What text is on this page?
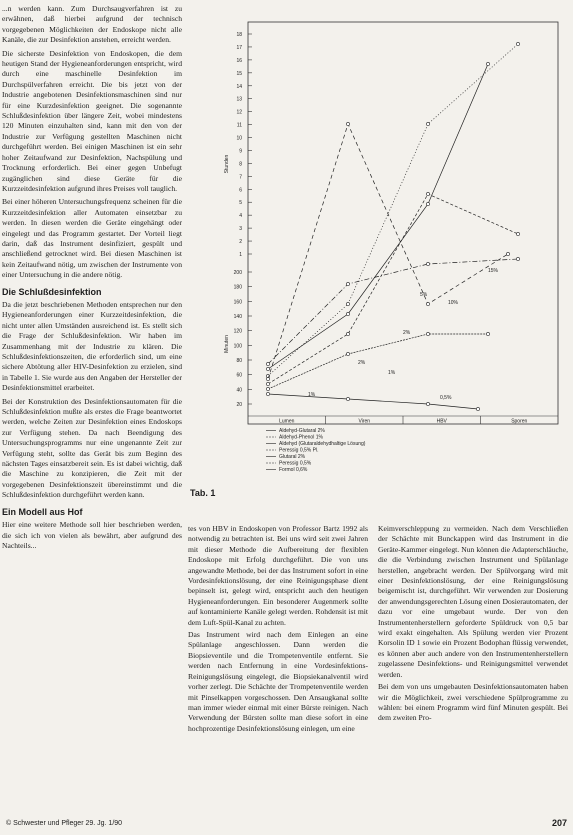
...n werden kann. Zum Durchsaugverfahren ist zu erwähnen, daß hierbei aufgrund der technisch vorgegebenen Möglichkeiten der Endoskope nicht alle Kanäle, die zur Desinfektion anstehen, erreicht werden.

Die sicherste Desinfektion von Endoskopen, die dem heutigen Stand der Hygieneanforderungen entspricht, wird durch eine maschinelle Desinfektion im Durchspülverfahren erreicht. Die bis jetzt von der Industrie angebotenen Desinfektionsmaschinen sind nur für eine Kurzdesinfektion geeignet. Die sogenannte Schlußdesinfektion über längere Zeit, wobei mindestens 120 Minuten einzuhalten sind, kann mit den von der Industrie zur Verfügung gestellten Maschinen nicht durchgeführt werden. Bei einigen Maschinen ist ein sehr hoher Zeitaufwand zur Desinfektion, Nachspülung und Trocknung erforderlich. Bei einer gegen Unbefugt zugänglichen sind diese Geräte für die Kurzzeitdesinfektion aufgrund ihres Preises voll tauglich.

Bei einer höheren Untersuchungsfrequenz scheinen für die Kurzzeitdesinfektion aller Automaten einsetzbar zu werden. In diesen werden die Geräte eingehängt oder eingelegt und das Programm gestartet. Der Vorteil liegt darin, daß das Instrument desinfiziert, gespült und anschließend getrocknet wird. Bei diesen Maschinen ist kein Zeitaufwand nötig, um zwischen der Instrumente von einer Untersuchung in die andere nötig.

Die Schlußdesinfektion

Da die jetzt beschriebenen Methoden entsprechen nur den Hygieneanforderungen einer Kurzzeitdesinfektion, die nicht unter allen Umständen ausreichend ist. Es stellt sich die Frage der Schlußdesinfektion. Wir haben im Zusammenhang mit der Industrie zu klären. Die Schlußdesinfektionszeiten, die erforderlich sind, um eine sichere Abtötung aller HIV-Desinfektion zu erzielen, sind in Tabelle 1. Sie wurde aus den Angaben der Hersteller der Desinfektionsmittel erarbeitet.

Bei der Konstruktion des Desinfektionsautomaten für die Schlußdesinfektion mußte als erstes die Frage beantwortet werden, welche Zeiten zur Desinfektion eines Endoskops zur Verfügung stehen. Da nach Beendigung des Untersuchungsprogramms nur eine ungenannte Zeit zur Verfügung steht, sollte das Gerät bis zum Beginn des nächsten Tages einsatzbereit sein. Es ist dabei wichtig, daß die Maschine zu konzipieren, die Zeit mit der vorgegebenen Desinfektionszeit übereinstimmt und die Schlußdesinfektion durchgeführt werden kann.

Ein Modell aus Hof

Hier eine weitere Methode soll hier beschrieben werden, die sich ich von vielen als bewährt, aber aufgrund des Nachteils...

18
17
16
15
14
13
12
11
10
9
8
7
6
5
4
3
2
1
200
180
160
140
120
100
80
60
40
20
Stunden
Minuten
Lumen	Viren	HBV	Sporen
15%
10%
2%
5%
2%
1%	0,5%
1%
Aldehyd-Glutaral 2%
Aldehyd-Phenol 1%
Aldehyd (Glutaraldehydhaltige Lösung)
Peressig 0,5% Pl.
Glutaral 2%
Peressig 0,5%
Formol 0,6%
Tab. 1

tes von HBV in Endoskopen von Professor Bartz 1992 als notwendig zu betrachten ist. Bei uns wird seit zwei Jahren mit dieser Methode die Aufbereitung der flexiblen Endoskope mit Erfolg durchgeführt. Die von uns angewandte Methode, bei der das Instrument sofort in eine Vordesinfektionslösung, der eine Reinigungsphase dient bepinselt ist, gelegt wird, entspricht auch den heutigen Hygieneanforderungen. Ein besonderer Augenmerk sollte auf kontaminierte Kanäle gelegt werden. Rohdensit ist mit dem Luft-Spül-Kanal zu achten.

Das Instrument wird nach dem Einlegen an eine Spülanlage angeschlossen. Dann werden die Biopsieventile und die Trompetenventile entfernt. Sie werden nach Entfernung in eine Vordesinfektions-Reinigungslösung eingelegt, die Biopsiekanalventil wird vorher zerlegt. Die Schächte der Trompetenventile werden mit Pinselkappen vorgeschossen. Den Ansaugkanal sollte man immer wieder einmal mit einer Bürste reinigen. Nach Verwendung der Bürsten sollte man diese sofort in eine hochprozentige Desinfektionslösung einlegen, um eine

Keimverschleppung zu vermeiden. Nach dem Verschließen der Schächte mit Bunckappen wird das Instrument in die Geräte-Kammer eingelegt. Nun können die Adapterschläuche, die die Verbindung zwischen Instrument und Spülanlage herstellen, angebracht werden. Der Spülvorgang wird mit einer Desinfektionslösung, der eine Reinigungslösung beigemischt ist, durchgeführt. Wir verwenden zur Dosierung der anwendungsgerechten Lösung einen Dosierautomaten, der dazu vor eine umgebaut wurde. Der von den Instrumentenherstellern geforderte Spüldruck von 0,5 bar wird exakt eingehalten. Als Spülung werden vier Prozent Korsolin ID 1 sowie ein Prozent Bodophan flüssig verwendet, es können aber auch andere von den Instrumentenherstellern zugelassene Desinfektions- und Reinigungsmittel verwendet werden.

Bei dem von uns umgebauten Desinfektionsautomaten haben wir die Möglichkeit, zwei verschiedene Spülprogramme zu wählen: bei einem Programm wird fünf Minuten gespült. Bei dem zweiten Pro-

© Schwester und Pfleger 29. Jg. 1/90	207
